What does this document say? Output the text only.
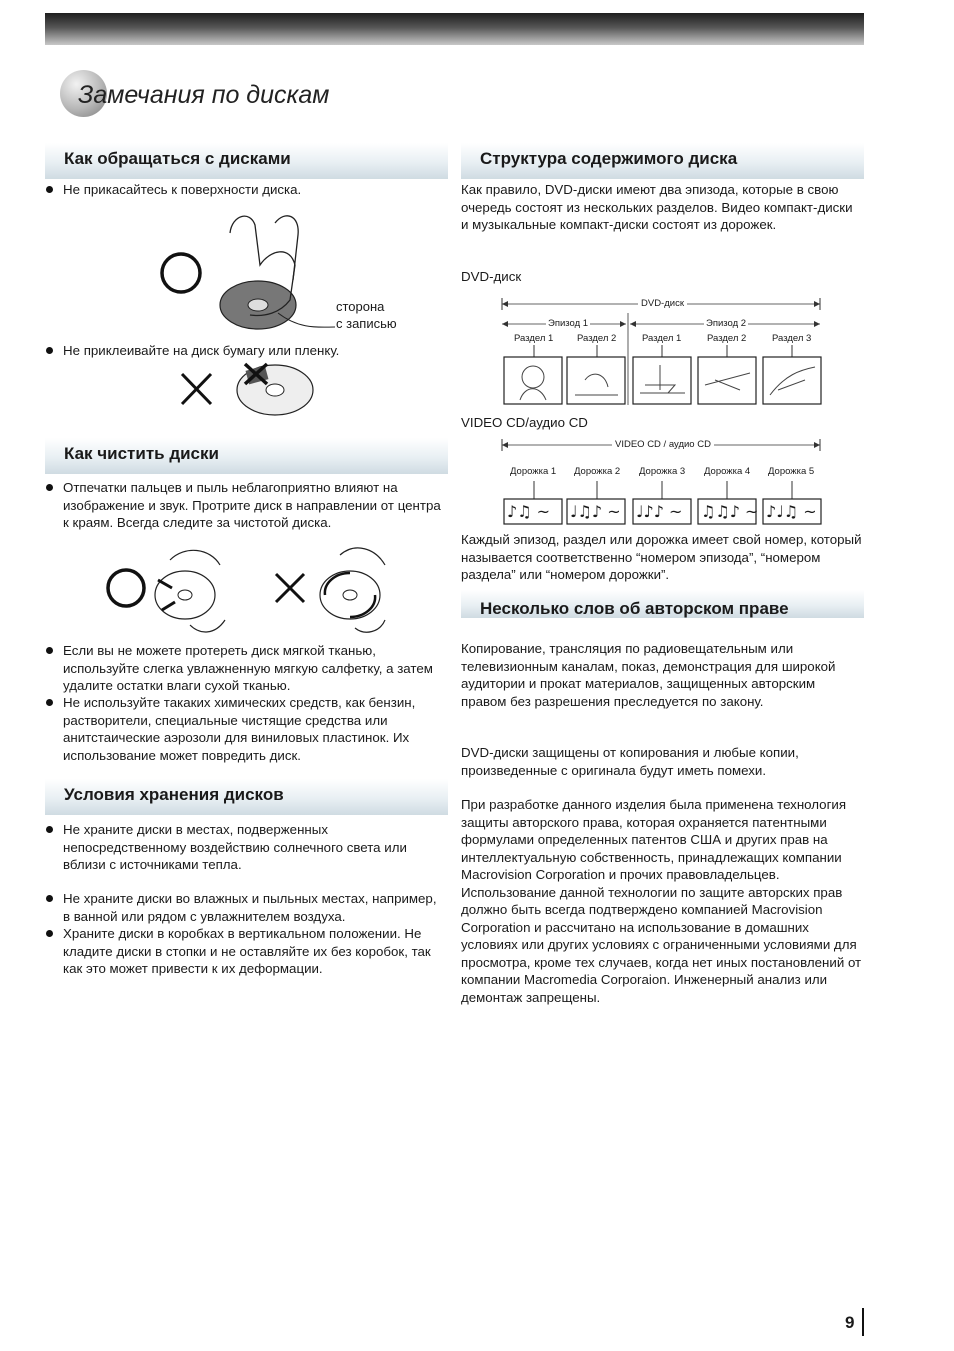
Замечания по дискам
Как обращаться с дисками
Не прикасайтесь к поверхности диска.
сторона
с записью
Не приклеивайте на диск бумагу или пленку.
Как чистить диски
Отпечатки пальцев и пыль неблагоприятно влияют на изображение и звук. Протрите диск в направлении от центра к краям. Всегда следите за чистотой диска.
Если вы не можете протереть диск мягкой тканью, используйте слегка увлажненную мягкую салфетку, а затем удалите остатки влаги сухой тканью.
Не используйте такаких химических средств, как бензин, растворители, специальные чистящие средства или анитстаические аэрозоли для виниловых пластинок. Их использование может повредить диск.
Условия хранения дисков
Не храните диски в местах, подверженных непосредственному воздействию солнечного света или вблизи с источниками тепла.
Не храните диски во влажных и пыльных местах, например, в ванной или рядом с увлажнителем воздуха.
Храните диски в коробках в вертикальном положении. Не кладите диски в стопки и не оставляйте их без коробок, так как это может привести к их деформации.
Структура содержимого диска
Как правило, DVD-диски имеют два эпизода, которые в свою очередь состоят из нескольких разделов. Видео компакт-диски и музыкальные компакт-диски состоят из дорожек.
DVD-диск
DVD-диск
Эпизод 1	Эпизод 2
Раздел 1 Раздел 2	Раздел 1	Раздел 2	Раздел 3
VIDEO CD/аудио CD
VIDEO CD / аудио CD
Дорожка 1 Дорожка 2 Дорожка 3 Дорожка 4 Дорожка 5
♪♫ ~ ♩♫♪ ~ ♩♪♪ ~ ♫♫♪ ~ ♪♩♫ ~
Каждый эпизод, раздел или дорожка имеет свой номер, который называется соответственно “номером эпизода”, “номером раздела” или “номером дорожки”.
Несколько слов об авторском праве
Копирование, трансляция по радиовещательным или телевизионным каналам, показ, демонстрация для широкой аудитории и прокат материалов, защищенных авторским правом без разрешения преследуется по закону.
DVD-диски защищены от копирования и любые копии, произведенные с оригинала будут иметь помехи.
При разработке данного изделия была применена технология защиты авторского права, которая охраняется патентными формулами определенных патентов США и других прав на интеллектуальную собственность, принадлежащих компании Macrovision Corporation и прочих правовладельцев. Использование данной технологии по защите авторских прав должно быть всегда подтверждено компанией Macrovision Corporation и рассчитано на использование в домашних условиях или других условиях с ограниченными условиями для просмотра, кроме тех случаев, когда нет иных постановлений от компании Macromedia Corporaion. Инженерный анализ или демонтаж запрещены.
9
